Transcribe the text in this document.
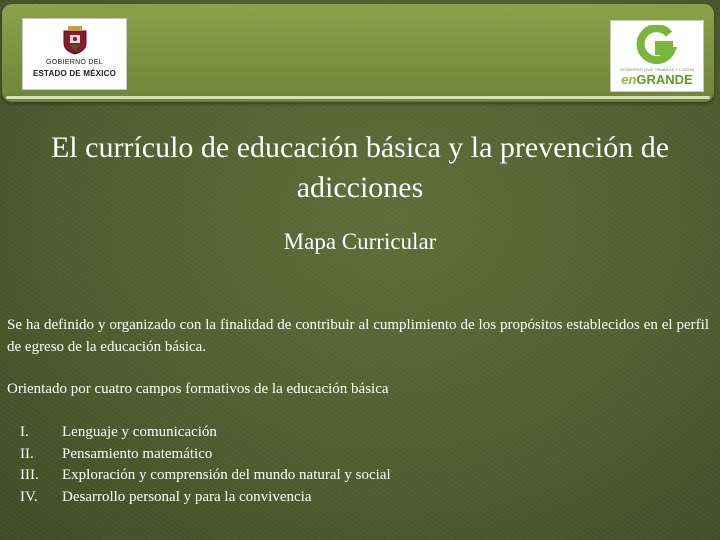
GOBIERNO DEL
ESTADO DE MÉXICO	GOBIERNO QUE TRABAJA Y LOGRA
enGRANDE
El currículo de educación básica y la prevención de adicciones
Mapa Curricular

Se ha definido y organizado con la finalidad de contribuir al cumplimiento de los propósitos establecidos en el perfil de egreso de la educación básica.

Orientado por cuatro campos formativos de la educación básica

I.	Lenguaje y comunicación
II.	Pensamiento matemático
III.	Exploración y comprensión del mundo natural y social
IV.	Desarrollo personal y para la convivencia
